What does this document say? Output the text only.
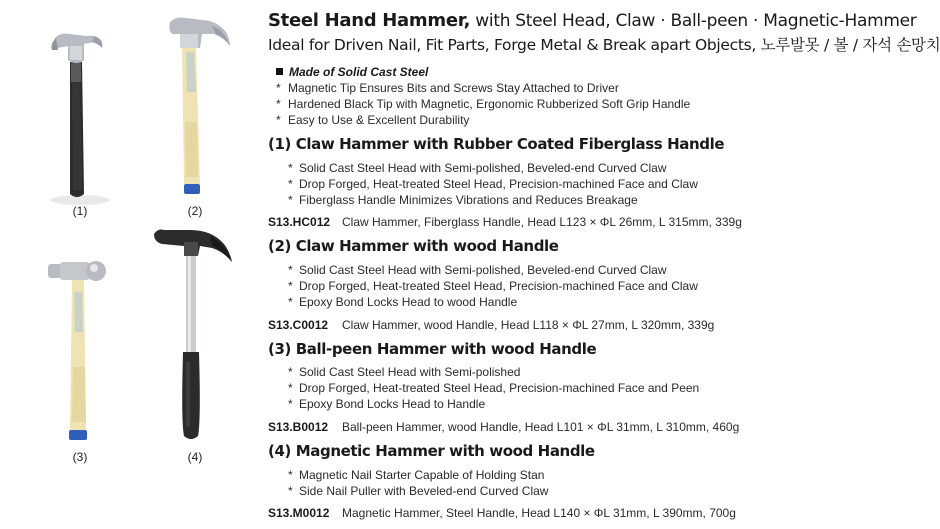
(1)	(2)
(3)	(4)
Steel Hand Hammer, with Steel Head, Claw · Ball-peen · Magnetic-Hammer
Ideal for Driven Nail, Fit Parts, Forge Metal & Break apart Objects, 노루발못 / 볼 / 자석 손망치
Made of Solid Cast Steel
* Magnetic Tip Ensures Bits and Screws Stay Attached to Driver
* Hardened Black Tip with Magnetic, Ergonomic Rubberized Soft Grip Handle
* Easy to Use & Excellent Durability
(1) Claw Hammer with Rubber Coated Fiberglass Handle
* Solid Cast Steel Head with Semi-polished, Beveled-end Curved Claw
* Drop Forged, Heat-treated Steel Head, Precision-machined Face and Claw
* Fiberglass Handle Minimizes Vibrations and Reduces Breakage
S13.HC012 Claw Hammer, Fiberglass Handle, Head L123 × ΦL 26mm, L 315mm, 339g
(2) Claw Hammer with wood Handle
* Solid Cast Steel Head with Semi-polished, Beveled-end Curved Claw
* Drop Forged, Heat-treated Steel Head, Precision-machined Face and Claw
* Epoxy Bond Locks Head to wood Handle
S13.C0012 Claw Hammer, wood Handle, Head L118 × ΦL 27mm, L 320mm, 339g
(3) Ball-peen Hammer with wood Handle
* Solid Cast Steel Head with Semi-polished
* Drop Forged, Heat-treated Steel Head, Precision-machined Face and Peen
* Epoxy Bond Locks Head to Handle
S13.B0012 Ball-peen Hammer, wood Handle, Head L101 × ΦL 31mm, L 310mm, 460g
(4) Magnetic Hammer with wood Handle
* Magnetic Nail Starter Capable of Holding Stan
* Side Nail Puller with Beveled-end Curved Claw
S13.M0012 Magnetic Hammer, Steel Handle, Head L140 × ΦL 31mm, L 390mm, 700g
